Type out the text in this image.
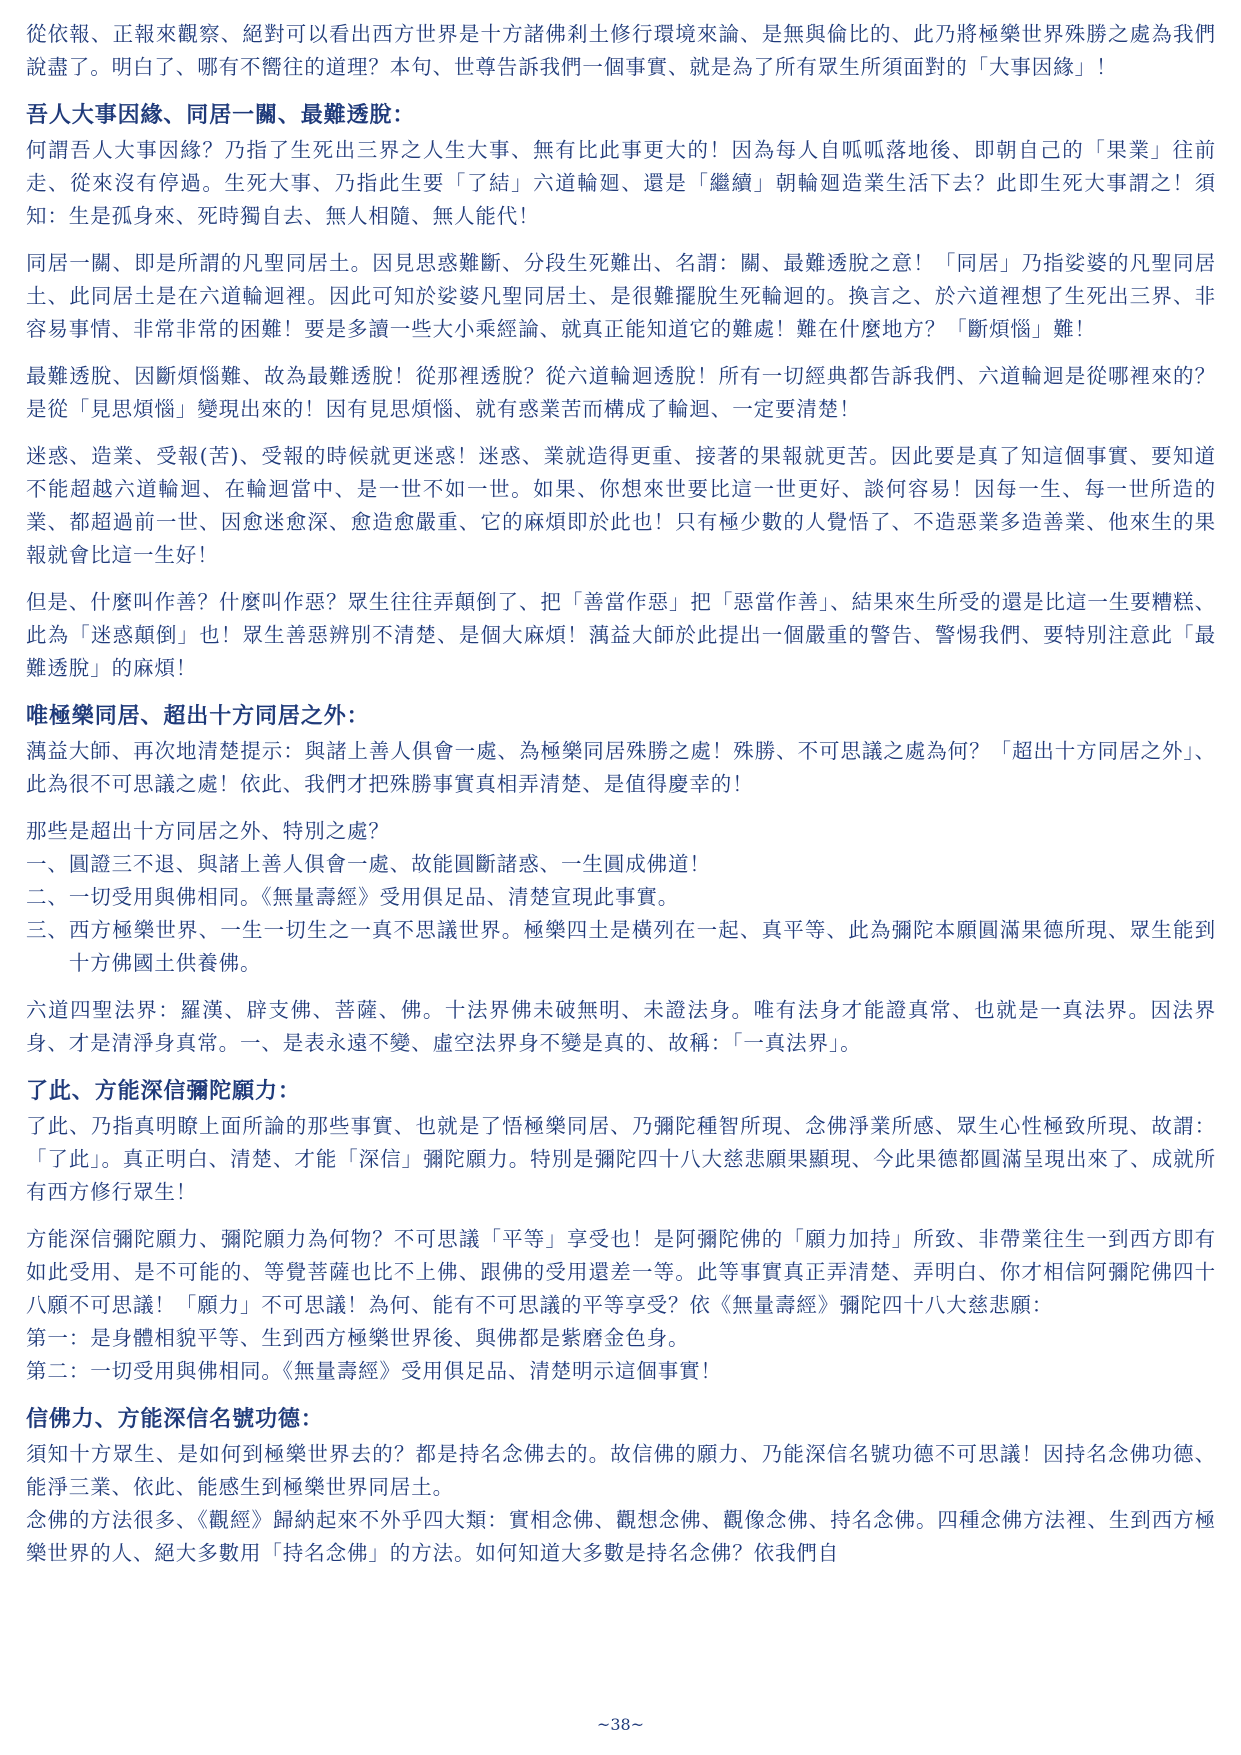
從依報、正報來觀察、絕對可以看出西方世界是十方諸佛剎土修行環境來論、是無與倫比的、此乃將極樂世界殊勝之處為我們說盡了。明白了、哪有不嚮往的道理？本句、世尊告訴我們一個事實、就是為了所有眾生所須面對的「大事因緣」！

吾人大事因緣、同居一關、最難透脫：

何謂吾人大事因緣？乃指了生死出三界之人生大事、無有比此事更大的！因為每人自呱呱落地後、即朝自己的「果業」往前走、從來沒有停過。生死大事、乃指此生要「了結」六道輪廻、還是「繼續」朝輪廻造業生活下去？此即生死大事謂之！須知：生是孤身來、死時獨自去、無人相隨、無人能代！

同居一關、即是所謂的凡聖同居土。因見思惑難斷、分段生死難出、名謂：關、最難透脫之意！「同居」乃指娑婆的凡聖同居土、此同居土是在六道輪迴裡。因此可知於娑婆凡聖同居土、是很難擺脫生死輪迴的。換言之、於六道裡想了生死出三界、非容易事情、非常非常的困難！要是多讀一些大小乘經論、就真正能知道它的難處！難在什麼地方？「斷煩惱」難！

最難透脫、因斷煩惱難、故為最難透脫！從那裡透脫？從六道輪迴透脫！所有一切經典都告訴我們、六道輪迴是從哪裡來的？是從「見思煩惱」變現出來的！因有見思煩惱、就有惑業苦而構成了輪迴、一定要清楚！

迷惑、造業、受報(苦)、受報的時候就更迷惑！迷惑、業就造得更重、接著的果報就更苦。因此要是真了知這個事實、要知道不能超越六道輪迴、在輪迴當中、是一世不如一世。如果、你想來世要比這一世更好、談何容易！因每一生、每一世所造的業、都超過前一世、因愈迷愈深、愈造愈嚴重、它的麻煩即於此也！只有極少數的人覺悟了、不造惡業多造善業、他來生的果報就會比這一生好！

但是、什麼叫作善？什麼叫作惡？眾生往往弄顛倒了、把「善當作惡」把「惡當作善」、結果來生所受的還是比這一生要糟糕、此為「迷惑顛倒」也！眾生善惡辨別不清楚、是個大麻煩！蕅益大師於此提出一個嚴重的警告、警惕我們、要特別注意此「最難透脫」的麻煩！

唯極樂同居、超出十方同居之外：

蕅益大師、再次地清楚提示：與諸上善人俱會一處、為極樂同居殊勝之處！殊勝、不可思議之處為何？「超出十方同居之外」、此為很不可思議之處！依此、我們才把殊勝事實真相弄清楚、是值得慶幸的！

那些是超出十方同居之外、特別之處？

一、 圓證三不退、與諸上善人俱會一處、故能圓斷諸惑、一生圓成佛道！
二、 一切受用與佛相同。《無量壽經》受用俱足品、清楚宣現此事實。
三、 西方極樂世界、一生一切生之一真不思議世界。極樂四土是橫列在一起、真平等、此為彌陀本願圓滿果德所現、眾生能到十方佛國土供養佛。

六道四聖法界：羅漢、辟支佛、菩薩、佛。十法界佛未破無明、未證法身。唯有法身才能證真常、也就是一真法界。因法界身、才是清淨身真常。一、是表永遠不變、虛空法界身不變是真的、故稱：「一真法界」。

了此、方能深信彌陀願力：

了此、乃指真明瞭上面所論的那些事實、也就是了悟極樂同居、乃彌陀種智所現、念佛淨業所感、眾生心性極致所現、故謂：「了此」。真正明白、清楚、才能「深信」彌陀願力。特別是彌陀四十八大慈悲願果顯現、今此果德都圓滿呈現出來了、成就所有西方修行眾生！

方能深信彌陀願力、彌陀願力為何物？不可思議「平等」享受也！是阿彌陀佛的「願力加持」所致、非帶業往生一到西方即有如此受用、是不可能的、等覺菩薩也比不上佛、跟佛的受用還差一等。此等事實真正弄清楚、弄明白、你才相信阿彌陀佛四十八願不可思議！「願力」不可思議！為何、能有不可思議的平等享受？依《無量壽經》彌陀四十八大慈悲願：

第一：是身體相貌平等、生到西方極樂世界後、與佛都是紫磨金色身。

第二：一切受用與佛相同。《無量壽經》受用俱足品、清楚明示這個事實！

信佛力、方能深信名號功德：

須知十方眾生、是如何到極樂世界去的？都是持名念佛去的。故信佛的願力、乃能深信名號功德不可思議！因持名念佛功德、能淨三業、依此、能感生到極樂世界同居土。

念佛的方法很多、《觀經》歸納起來不外乎四大類：實相念佛、觀想念佛、觀像念佛、持名念佛。四種念佛方法裡、生到西方極樂世界的人、絕大多數用「持名念佛」的方法。如何知道大多數是持名念佛？依我們自

~38~
